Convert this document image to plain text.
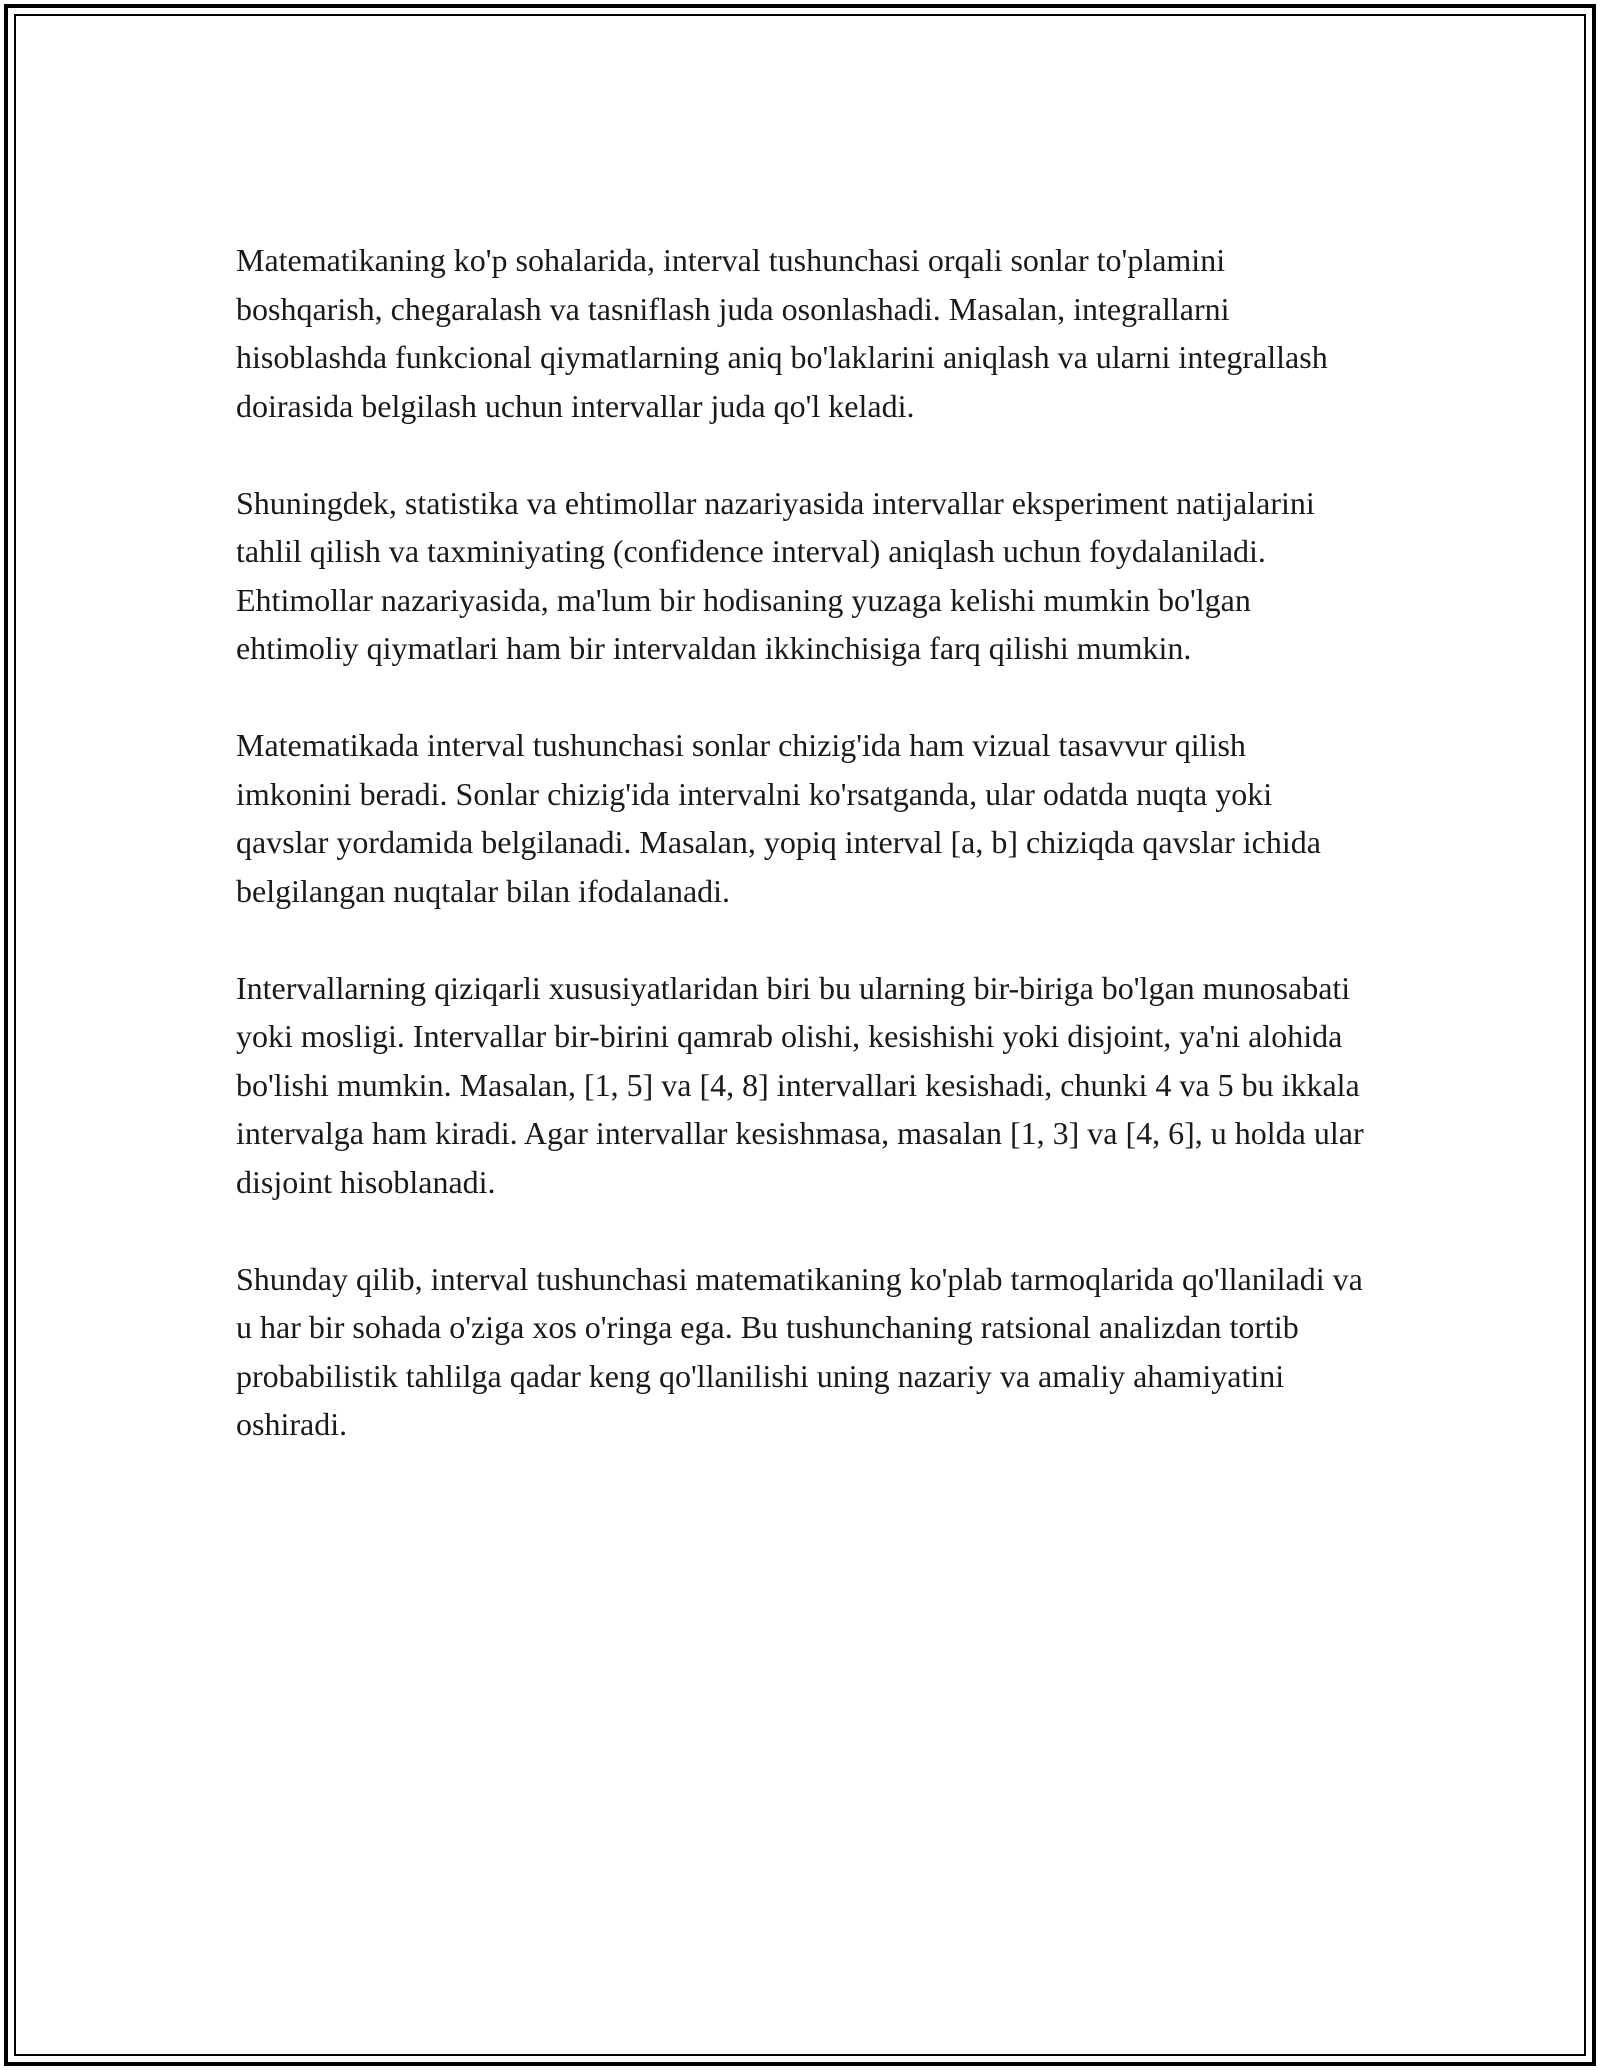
Matematikaning ko'p sohalarida, interval tushunchasi orqali sonlar to'plamini boshqarish, chegaralash va tasniflash juda osonlashadi. Masalan, integrallarni hisoblashda funkcional qiymatlarning aniq bo'laklarini aniqlash va ularni integrallash doirasida belgilash uchun intervallar juda qo'l keladi.

Shuningdek, statistika va ehtimollar nazariyasida intervallar eksperiment natijalarini tahlil qilish va taxminiyating (confidence interval) aniqlash uchun foydalaniladi. Ehtimollar nazariyasida, ma'lum bir hodisaning yuzaga kelishi mumkin bo'lgan ehtimoliy qiymatlari ham bir intervaldan ikkinchisiga farq qilishi mumkin.

Matematikada interval tushunchasi sonlar chizig'ida ham vizual tasavvur qilish imkonini beradi. Sonlar chizig'ida intervalni ko'rsatganda, ular odatda nuqta yoki qavslar yordamida belgilanadi. Masalan, yopiq interval [a, b] chiziqda qavslar ichida belgilangan nuqtalar bilan ifodalanadi.

Intervallarning qiziqarli xususiyatlaridan biri bu ularning bir-biriga bo'lgan munosabati yoki mosligi. Intervallar bir-birini qamrab olishi, kesishishi yoki disjoint, ya'ni alohida bo'lishi mumkin. Masalan, [1, 5] va [4, 8] intervallari kesishadi, chunki 4 va 5 bu ikkala intervalga ham kiradi. Agar intervallar kesishmasa, masalan [1, 3] va [4, 6], u holda ular disjoint hisoblanadi.

Shunday qilib, interval tushunchasi matematikaning ko'plab tarmoqlarida qo'llaniladi va u har bir sohada o'ziga xos o'ringa ega. Bu tushunchaning ratsional analizdan tortib probabilistik tahlilga qadar keng qo'llanilishi uning nazariy va amaliy ahamiyatini oshiradi.
